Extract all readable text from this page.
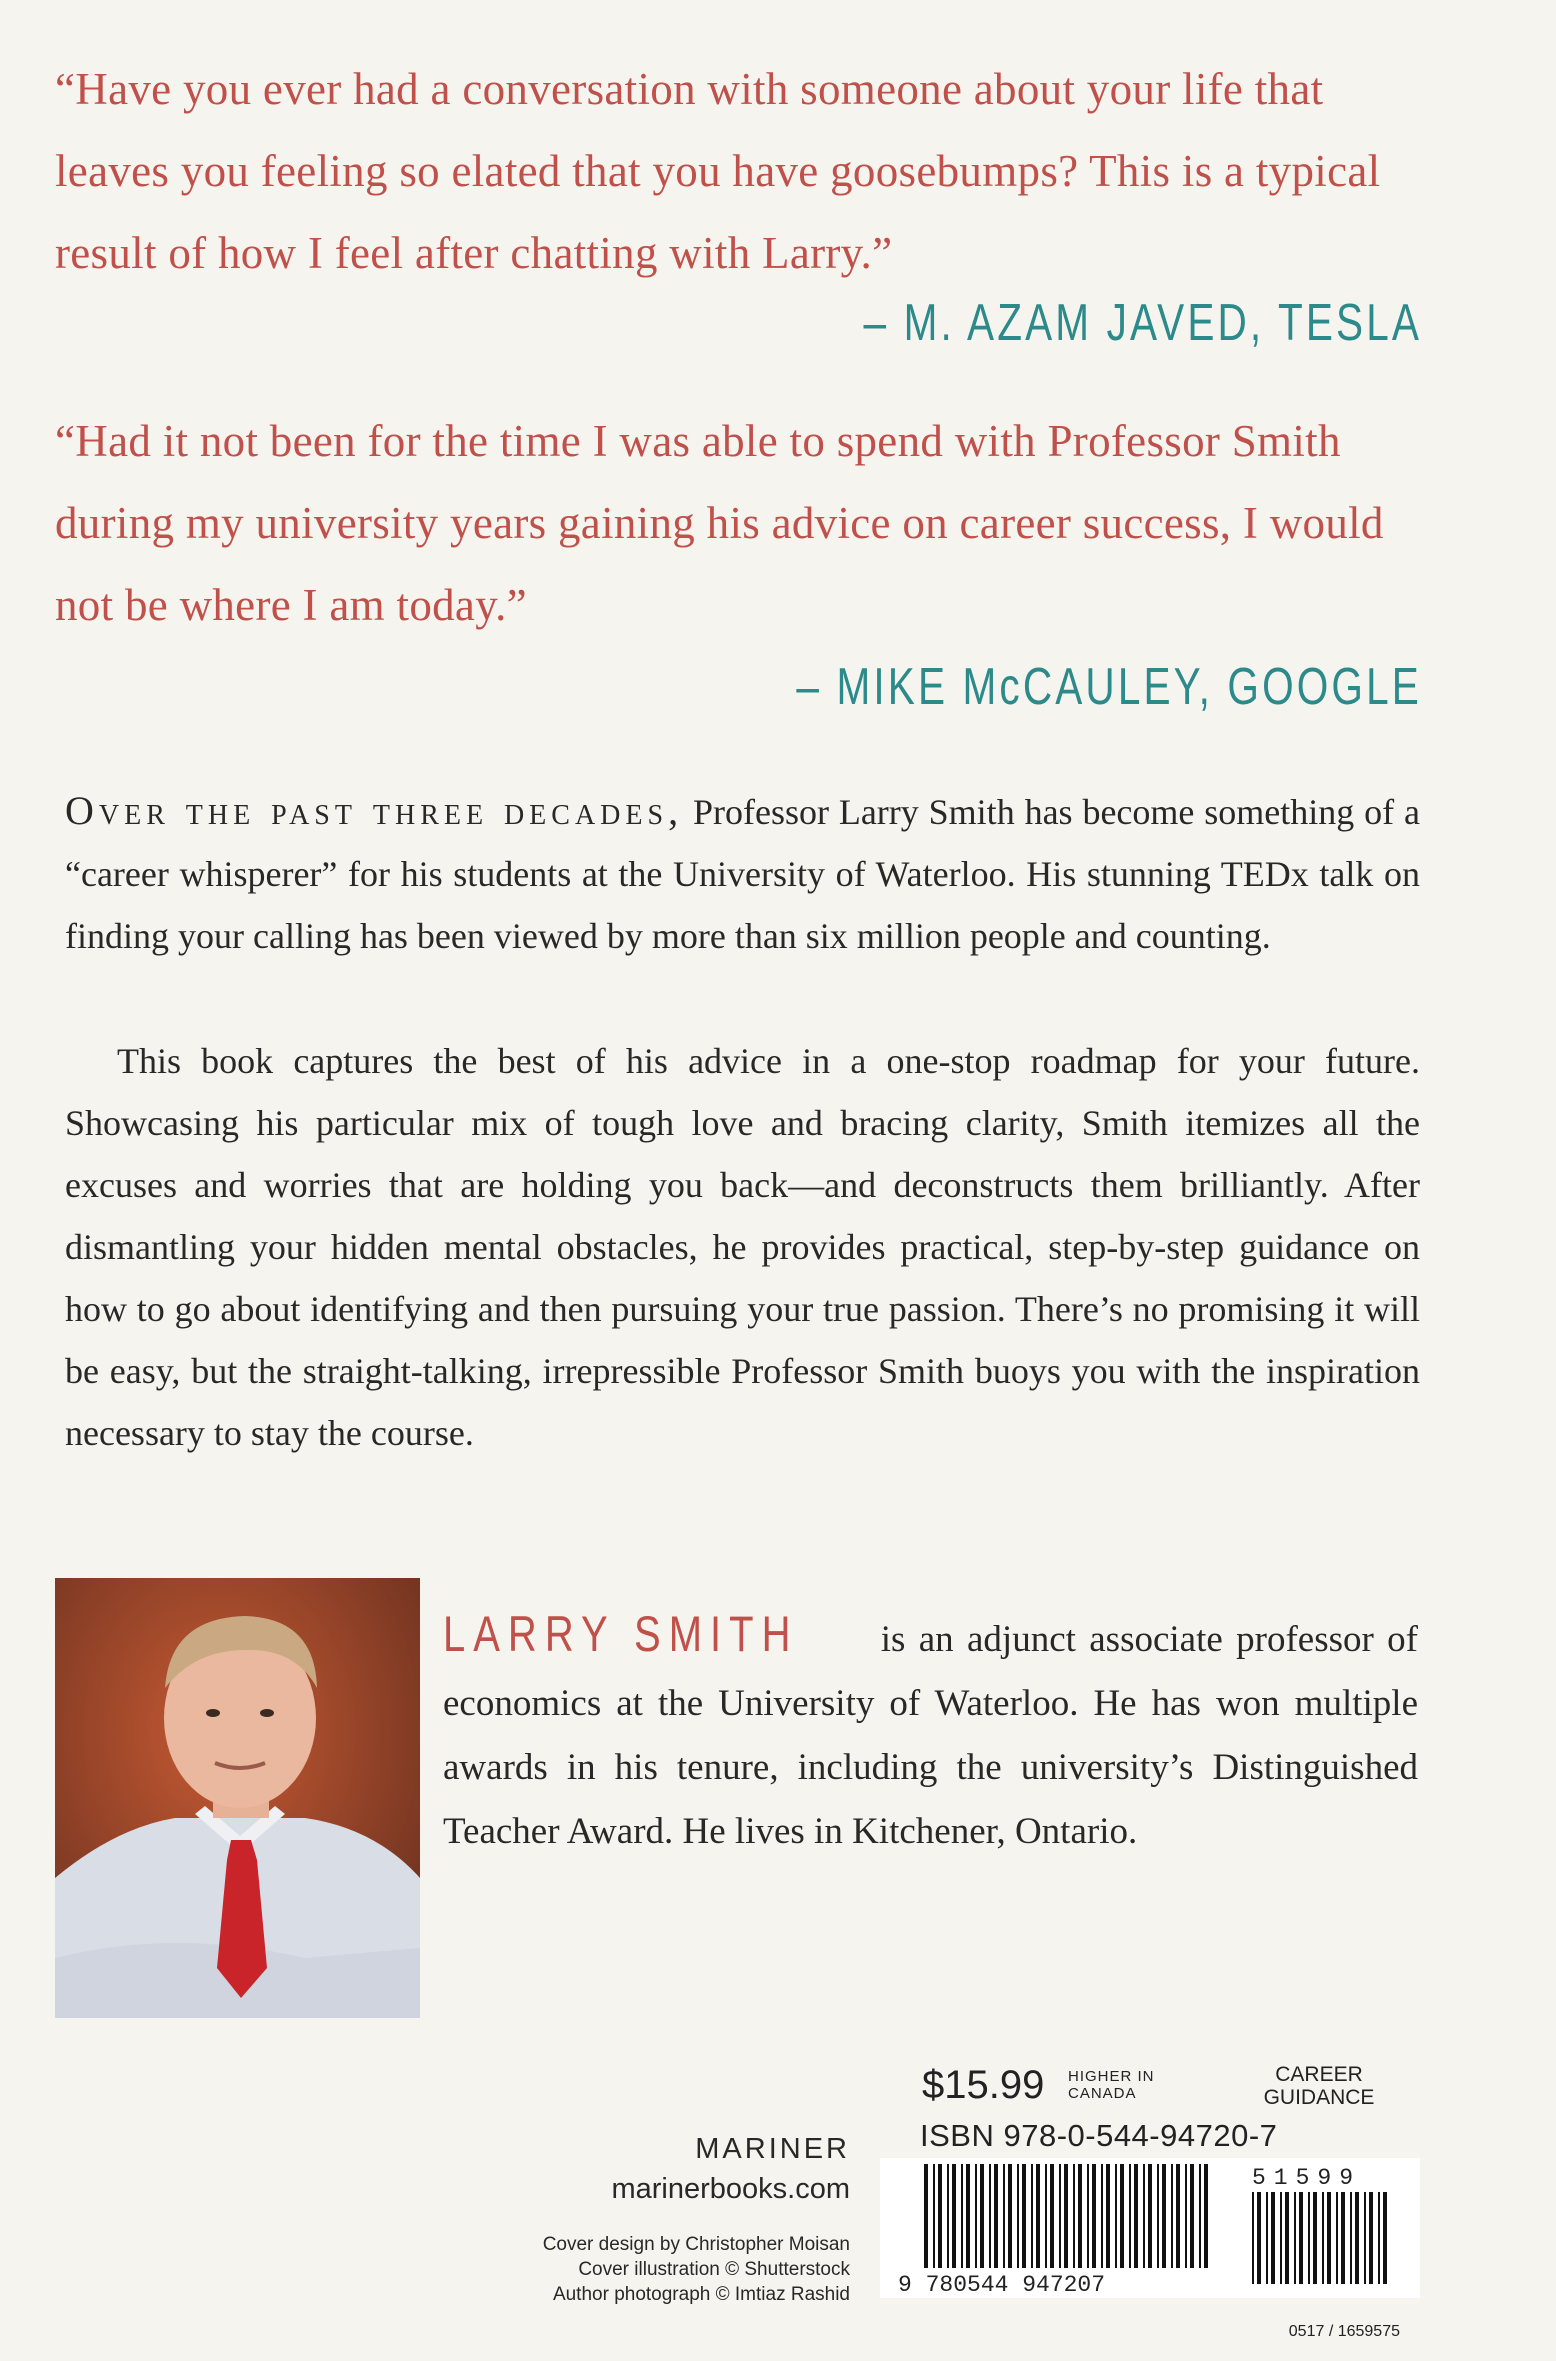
“Have you ever had a conversation with someone about your life that leaves you feeling so elated that you have goosebumps? This is a typical result of how I feel after chatting with Larry.”
– M. AZAM JAVED, TESLA
“Had it not been for the time I was able to spend with Professor Smith during my university years gaining his advice on career success, I would not be where I am today.”
– MIKE McCAULEY, GOOGLE
Over the past three decades, Professor Larry Smith has become something of a “career whisperer” for his students at the University of Waterloo. His stunning TEDx talk on finding your calling has been viewed by more than six million people and counting.
This book captures the best of his advice in a one-stop roadmap for your future. Showcasing his particular mix of tough love and bracing clarity, Smith itemizes all the excuses and worries that are holding you back—and deconstructs them brilliantly. After dismantling your hidden mental obstacles, he provides practical, step-by-step guidance on how to go about identifying and then pursuing your true passion. There’s no promising it will be easy, but the straight-talking, irrepressible Professor Smith buoys you with the inspiration necessary to stay the course.
LARRY SMITH is an adjunct associate professor of economics at the University of Waterloo. He has won multiple awards in his tenure, including the university’s Distinguished Teacher Award. He lives in Kitchener, Ontario.
MARINER
marinerbooks.com
Cover design by Christopher Moisan
Cover illustration © Shutterstock
Author photograph © Imtiaz Rashid
$15.99 HIGHER IN
CANADA
CAREER
GUIDANCE
ISBN 978-0-544-94720-7
9 780544 947207
51599
0517 / 1659575
